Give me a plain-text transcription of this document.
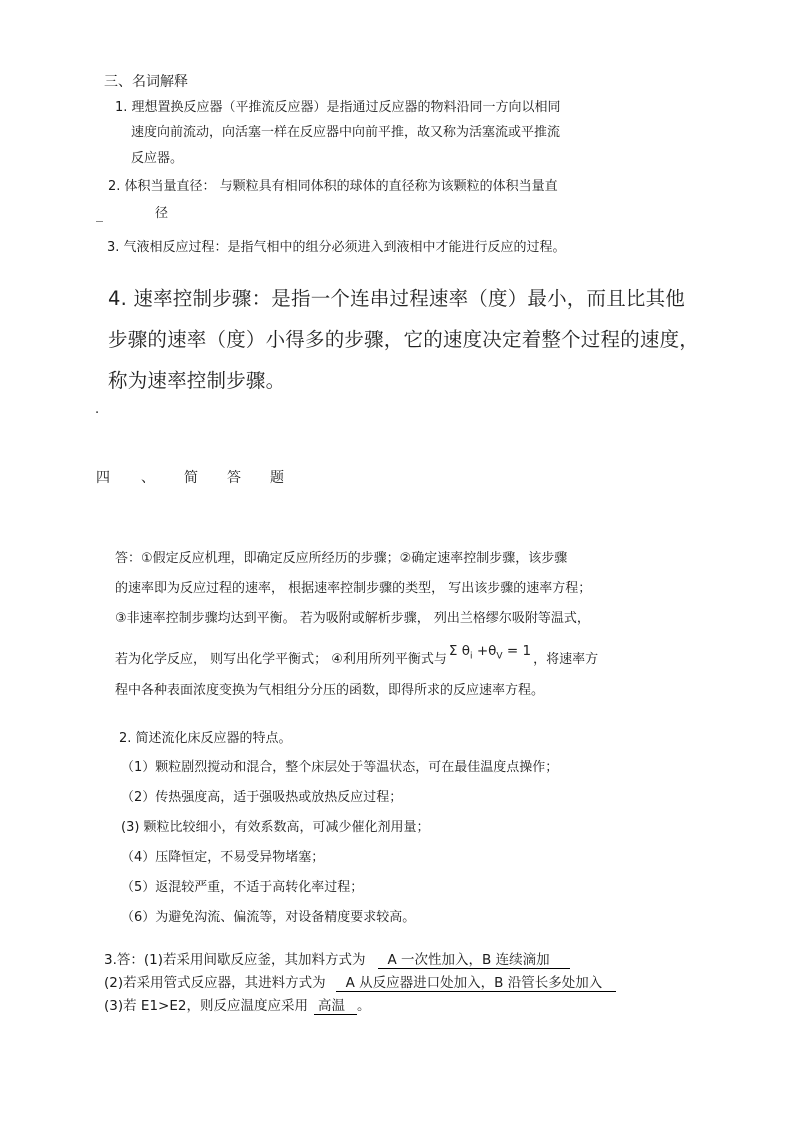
三、名词解释
1. 理想置换反应器（平推流反应器）是指通过反应器的物料沿同一方向以相同
速度向前流动，向活塞一样在反应器中向前平推，故又称为活塞流或平推流
反应器。
2. 体积当量直径： 与颗粒具有相同体积的球体的直径称为该颗粒的体积当量直
径
3. 气液相反应过程：是指气相中的组分必须进入到液相中才能进行反应的过程。
4. 速率控制步骤：是指一个连串过程速率（度）最小，而且比其他
步骤的速率（度）小得多的步骤，它的速度决定着整个过程的速度，
称为速率控制步骤。
.
四 、 简 答 题
答：①假定反应机理，即确定反应所经历的步骤；②确定速率控制步骤，该步骤
的速率即为反应过程的速率， 根据速率控制步骤的类型， 写出该步骤的速率方程；
③非速率控制步骤均达到平衡。 若为吸附或解析步骤， 列出兰格缪尔吸附等温式，
若为化学反应， 则写出化学平衡式； ④利用所列平衡式与Σ $\theta_i +\theta_V = 1$，将速率方
程中各种表面浓度变换为气相组分分压的函数，即得所求的反应速率方程。
2. 简述流化床反应器的特点。
（1）颗粒剧烈搅动和混合，整个床层处于等温状态，可在最佳温度点操作；
（2）传热强度高，适于强吸热或放热反应过程；
(3) 颗粒比较细小，有效系数高，可减少催化剂用量；
（4）压降恒定，不易受异物堵塞；
（5）返混较严重，不适于高转化率过程；
（6）为避免沟流、偏流等，对设备精度要求较高。
3.答：(1)若采用间歇反应釜，其加料方式为 A 一次性加入，B 连续滴加
(2)若采用管式反应器，其进料方式为 A 从反应器进口处加入，B 沿管长多处加入
(3)若 E1>E2，则反应温度应采用 高温 。
